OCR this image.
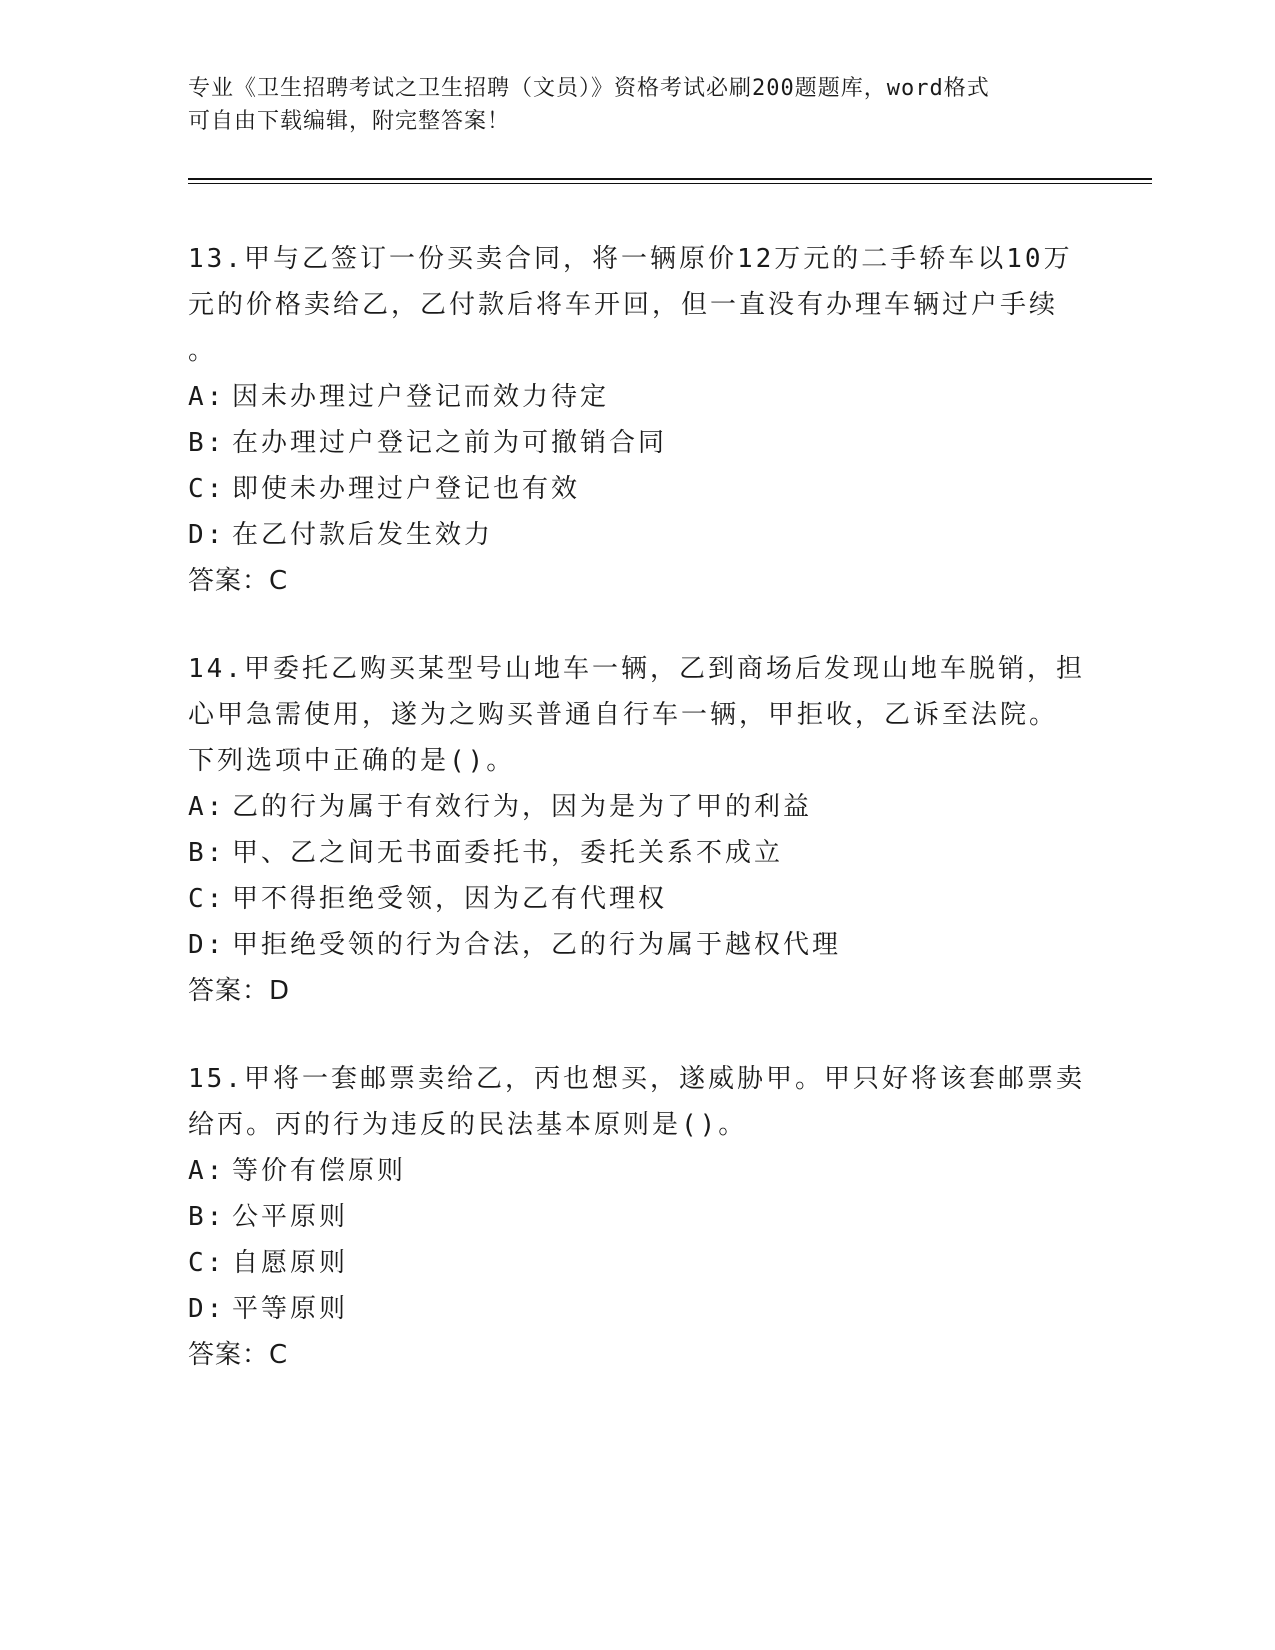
专业《卫生招聘考试之卫生招聘（文员）》资格考试必刷200题题库，word格式
可自由下载编辑，附完整答案！

13.甲与乙签订一份买卖合同，将一辆原价12万元的二手轿车以10万

元的价格卖给乙，乙付款后将车开回，但一直没有办理车辆过户手续

。

A: 因未办理过户登记而效力待定

B: 在办理过户登记之前为可撤销合同

C: 即使未办理过户登记也有效

D: 在乙付款后发生效力

答案：C

14.甲委托乙购买某型号山地车一辆，乙到商场后发现山地车脱销，担

心甲急需使用，遂为之购买普通自行车一辆，甲拒收，乙诉至法院。

下列选项中正确的是()。

A: 乙的行为属于有效行为，因为是为了甲的利益

B: 甲、乙之间无书面委托书，委托关系不成立

C: 甲不得拒绝受领，因为乙有代理权

D: 甲拒绝受领的行为合法，乙的行为属于越权代理

答案：D

15.甲将一套邮票卖给乙，丙也想买，遂威胁甲。甲只好将该套邮票卖

给丙。丙的行为违反的民法基本原则是()。

A: 等价有偿原则

B: 公平原则

C: 自愿原则

D: 平等原则

答案：C
